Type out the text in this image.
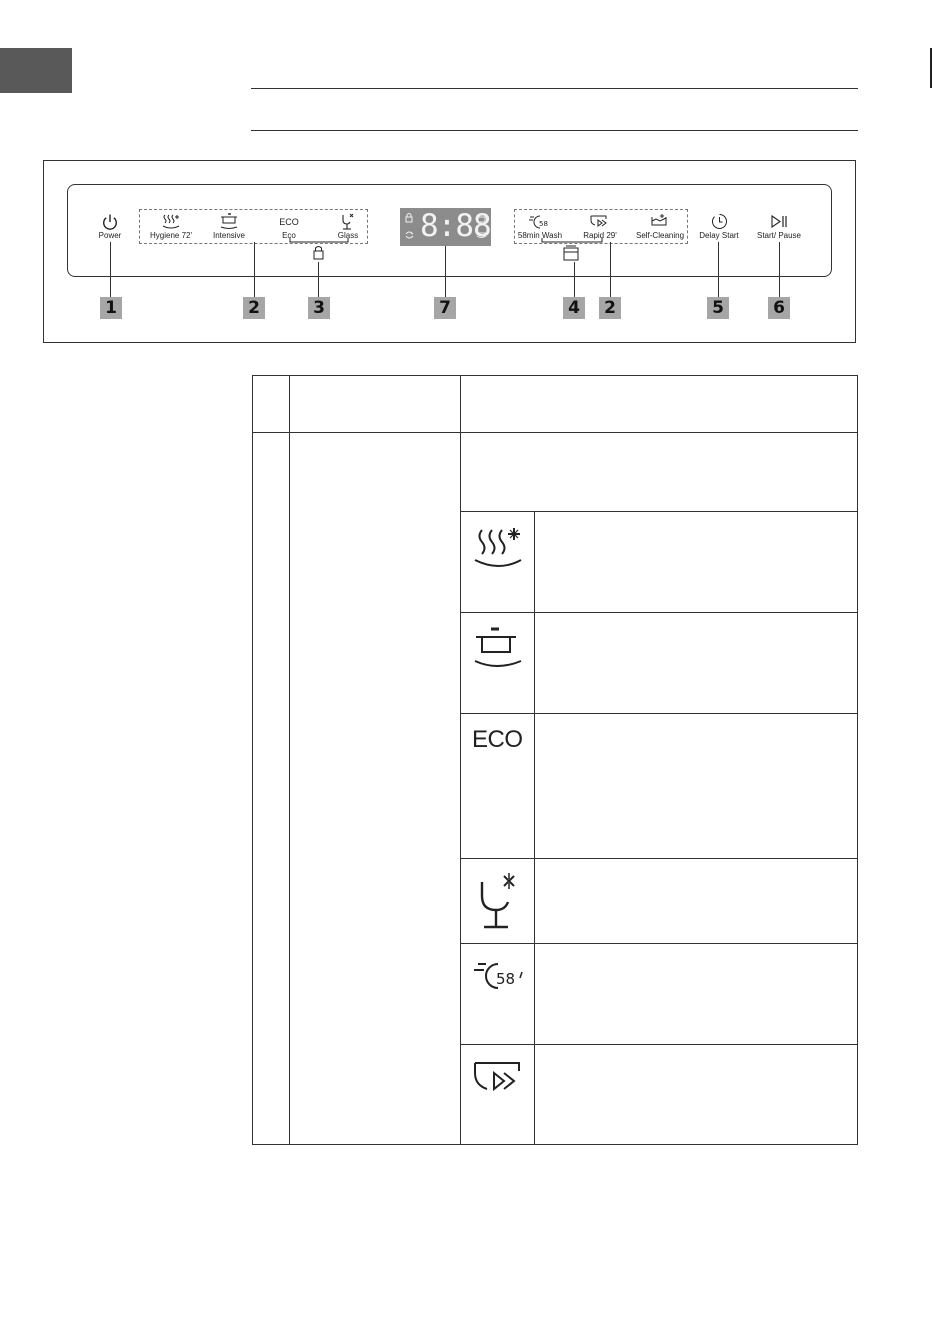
Power	Hygiene 72'	Intensive
ECO
Eco	Glass 8:88	58
58min Wash	Rapid 29'	Self-Cleaning Delay Start	Start/ Pause
1	2	3	7	4 2	5	6
ECO
58
